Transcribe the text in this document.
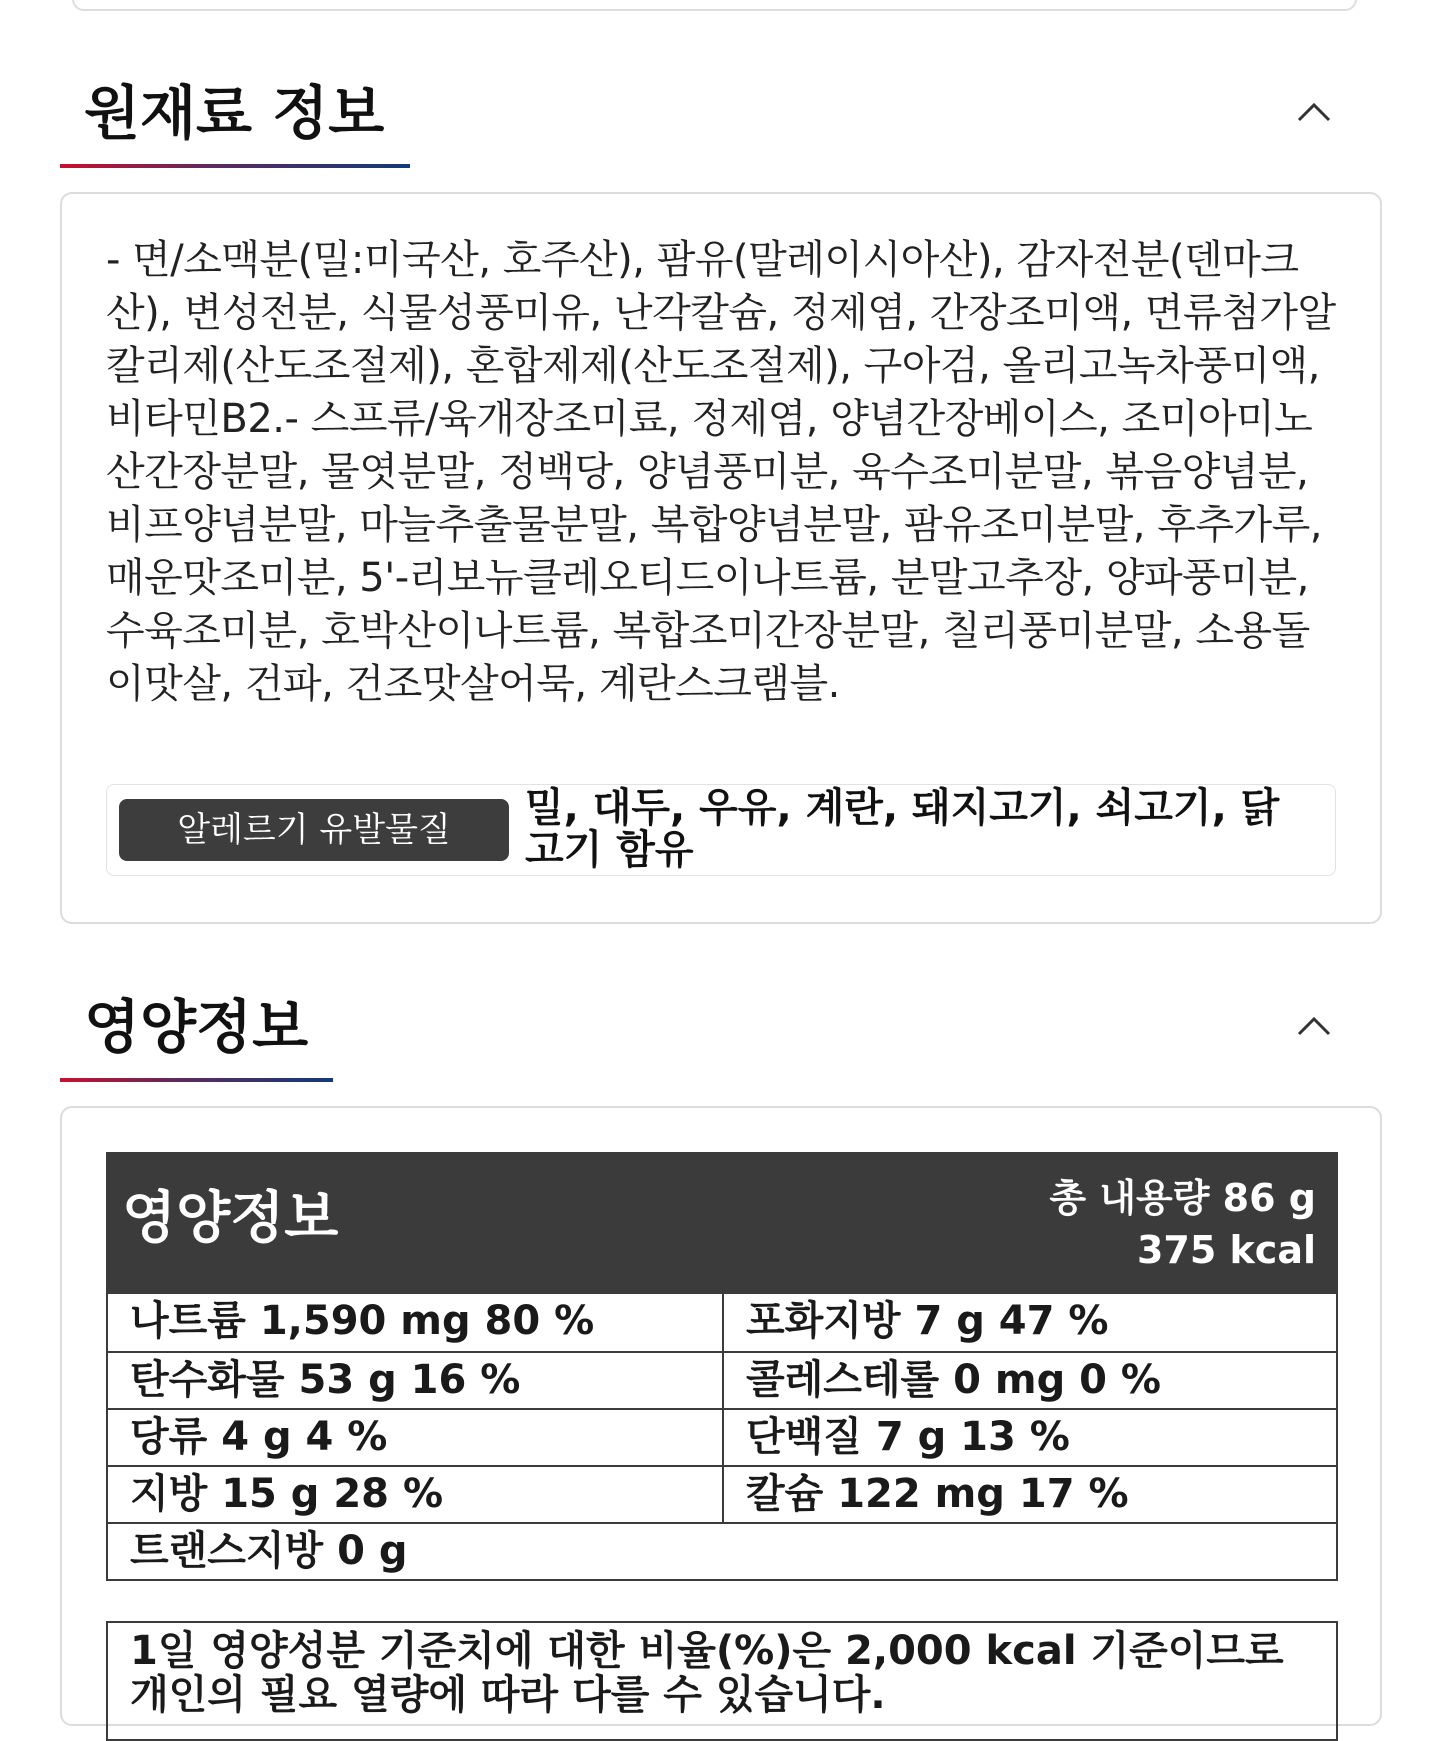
원재료 정보

- 면/소맥분(밀:미국산, 호주산), 팜유(말레이시아산), 감자전분(덴마크산), 변성전분, 식물성풍미유, 난각칼슘, 정제염, 간장조미액, 면류첨가알칼리제(산도조절제), 혼합제제(산도조절제), 구아검, 올리고녹차풍미액, 비타민B2.- 스프류/육개장조미료, 정제염, 양념간장베이스, 조미아미노산간장분말, 물엿분말, 정백당, 양념풍미분, 육수조미분말, 볶음양념분, 비프양념분말, 마늘추출물분말, 복합양념분말, 팜유조미분말, 후추가루, 매운맛조미분, 5'-리보뉴클레오티드이나트륨, 분말고추장, 양파풍미분, 수육조미분, 호박산이나트륨, 복합조미간장분말, 칠리풍미분말, 소용돌이맛살, 건파, 건조맛살어묵, 계란스크램블.

알레르기 유발물질	밀, 대두, 우유, 계란, 돼지고기, 쇠고기, 닭고기 함유
영양정보
영양정보	총 내용량 86 g
375 kcal
나트륨 1,590 mg 80 %	포화지방 7 g 47 %
탄수화물 53 g 16 %	콜레스테롤 0 mg 0 %
당류 4 g 4 %	단백질 7 g 13 %
지방 15 g 28 %	칼슘 122 mg 17 %
트랜스지방 0 g
1일 영양성분 기준치에 대한 비율(%)은 2,000 kcal 기준이므로 개인의 필요 열량에 따라 다를 수 있습니다.
